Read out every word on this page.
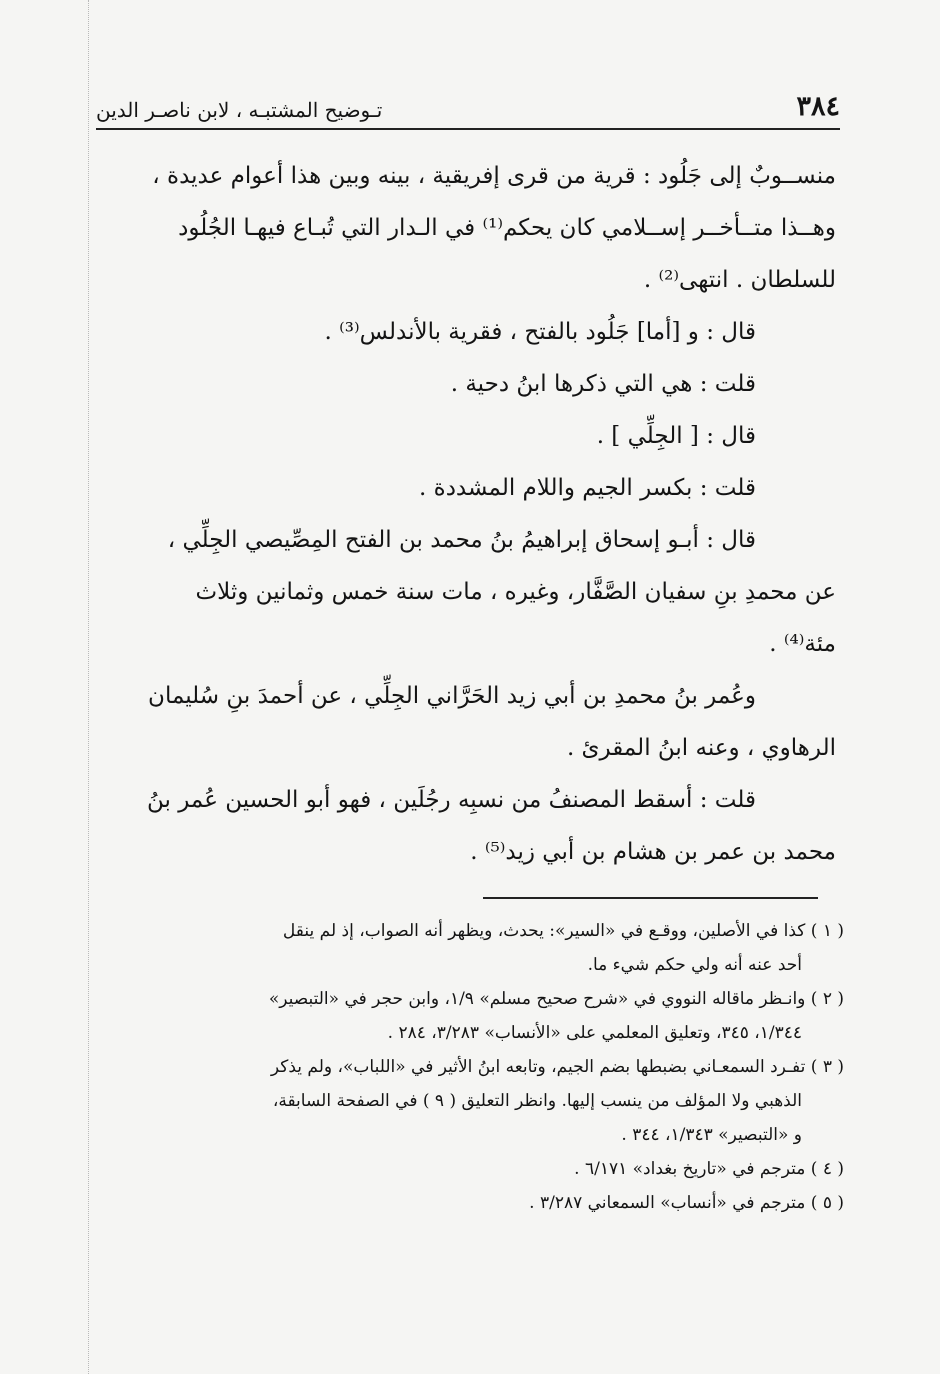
٣٨٤
تـوضيح المشتبـه ، لابن ناصـر الدين
منســوبٌ إلى جَلُود : قرية من قرى إفريقية ، بينه وبين هذا أعوام عديدة ،
وهــذا متــأخــر إســلامي كان يحكم⁽¹⁾ في الـدار التي تُبـاع فيهـا الجُلُود
للسلطان . انتهى⁽²⁾ .
قال : و [أما] جَلُود بالفتح ، فقرية بالأندلس⁽³⁾ .
قلت : هي التي ذكرها ابنُ دحية .
قال : [ الجِلِّي ] .
قلت : بكسر الجيم واللام المشددة .
قال : أبـو إسحاق إبراهيمُ بنُ محمد بن الفتح المِصِّيصي الجِلِّي ،
عن محمدِ بنِ سفيان الصَّفَّار، وغيره ، مات سنة خمس وثمانين وثلاث
مئة⁽⁴⁾ .
وعُمر بنُ محمدِ بن أبي زيد الحَرَّاني الجِلِّي ، عن أحمدَ بنِ سُليمان
الرهاوي ، وعنه ابنُ المقرئ .
قلت : أسقط المصنفُ من نسبِه رجُلَين ، فهو أبو الحسين عُمر بنُ
محمد بن عمر بن هشام بن أبي زيد⁽⁵⁾ .
( ١ ) كذا في الأصلين، ووقـع في «السير»: يحدث، ويظهر أنه الصواب، إذ لم ينقل
أحد عنه أنه ولي حكم شيء ما.
( ٢ ) وانـظر ماقاله النووي في «شرح صحيح مسلم» ١/٩، وابن حجر في «التبصير»
١/٣٤٤، ٣٤٥، وتعليق المعلمي على «الأنساب» ٣/٢٨٣، ٢٨٤ .
( ٣ ) تفـرد السمعـاني بضبطها بضم الجيم، وتابعه ابنُ الأثير في «اللباب»، ولم يذكر
الذهبي ولا المؤلف من ينسب إليها. وانظر التعليق ( ٩ ) في الصفحة السابقة،
و «التبصير» ١/٣٤٣، ٣٤٤ .
( ٤ ) مترجم في «تاريخ بغداد» ٦/١٧١ .
( ٥ ) مترجم في «أنساب» السمعاني ٣/٢٨٧ .
